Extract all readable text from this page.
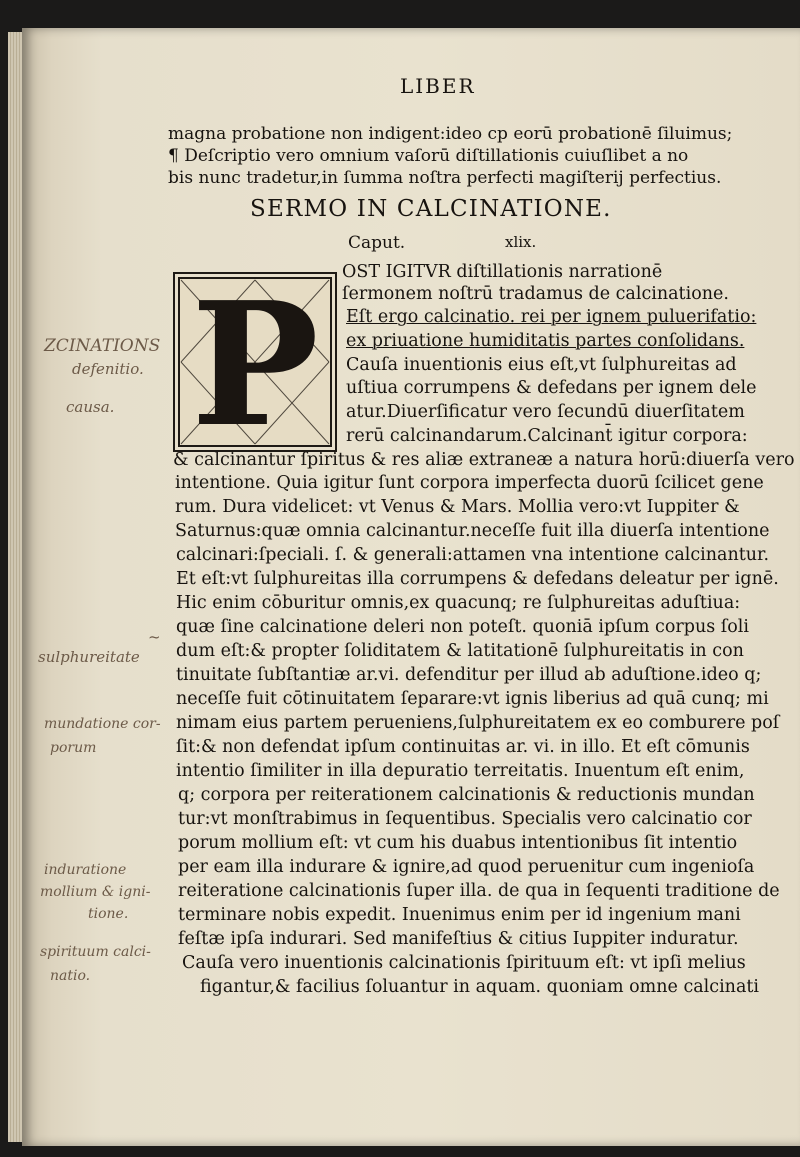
LIBER
magna probatione non indigent:ideo cp eorū probationē ſiluimus;
¶ Deſcriptio vero omnium vaſorū diſtillationis cuiuſlibet a no
bis nunc tradetur,in ſumma noſtra perfecti magiſterij perfectius.
SERMO IN CALCINATIONE.
Caput.	xlix.
P OST IGITVR diſtillationis narrationē
ſermonem noſtrū tradamus de calcinatione.
Eſt ergo calcinatio. rei per ignem puluerifatio:
ex priuatione humiditatis partes conſolidans.
Cauſa inuentionis eius eſt,vt ſulphureitas ad
uſtiua corrumpens & defedans per ignem dele
atur.Diuerſificatur vero ſecundū diuerſitatem
rerū calcinandarum.Calcinant̄ igitur corpora:
& calcinantur ſpiritus & res aliæ extraneæ a natura horū:diuerſa vero
intentione. Quia igitur ſunt corpora imperfecta duorū ſcilicet gene
rum. Dura videlicet: vt Venus & Mars. Mollia vero:vt Iuppiter &
Saturnus:quæ omnia calcinantur.neceſſe fuit illa diuerſa intentione
calcinari:ſpeciali. ſ. & generali:attamen vna intentione calcinantur.
Et eſt:vt ſulphureitas illa corrumpens & defedans deleatur per ignē.
Hic enim cōburitur omnis,ex quacunq; re ſulphureitas aduſtiua:
quæ ſine calcinatione deleri non poteſt. quoniā ipſum corpus ſoli
dum eſt:& propter ſoliditatem & latitationē ſulphureitatis in con
tinuitate ſubſtantiæ ar.vi. defenditur per illud ab aduſtione.ideo q;
neceſſe fuit cōtinuitatem ſeparare:vt ignis liberius ad quā cunq; mi
nimam eius partem perueniens,ſulphureitatem ex eo comburere poſ
ſit:& non defendat ipſum continuitas ar. vi. in illo. Et eſt cōmunis
intentio ſimiliter in illa depuratio terreitatis. Inuentum eſt enim,
q; corpora per reiterationem calcinationis & reductionis mundan
tur:vt monſtrabimus in ſequentibus. Specialis vero calcinatio cor
porum mollium eſt: vt cum his duabus intentionibus ſit intentio
per eam illa indurare & ignire,ad quod peruenitur cum ingenioſa
reiteratione calcinationis ſuper illa. de qua in ſequenti traditione de
terminare nobis expedit. Inuenimus enim per id ingenium mani
feſtæ ipſa indurari. Sed manifeſtius & citius Iuppiter induratur.
Cauſa vero inuentionis calcinationis ſpirituum eſt: vt ipſi melius
figantur,& facilius ſoluantur in aquam. quoniam omne calcinati
ZCINATIONS
defenitio.
causa.
~
sulphureitate
mundatione cor-
porum
induratione
mollium & igni-
tione.
spirituum calci-
natio.
